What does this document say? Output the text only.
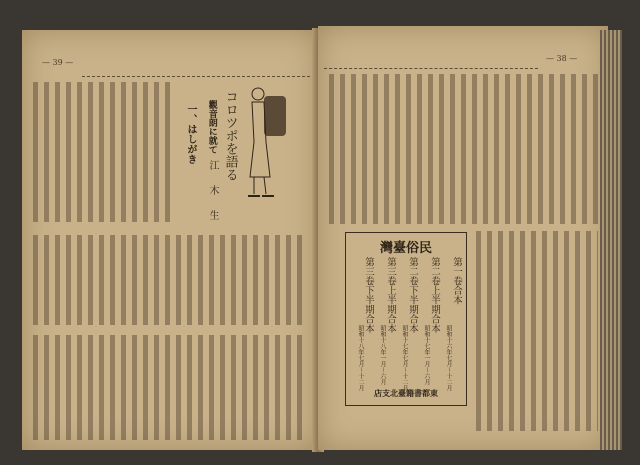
— 39 —
コロツポを語る
觀音朗に就て
江 木 生
一、はしがき
— 38 —
民俗臺灣
第一卷合本
第二卷上半期合本
第二卷下半期合本
第三卷上半期合本
第三卷下半期合本
昭和十六年七月～十二月
昭和十七年一月～六月
昭和十七年七月～十二月
昭和十八年一月～六月
昭和十八年七月～十二月
東都書籍臺北支店
